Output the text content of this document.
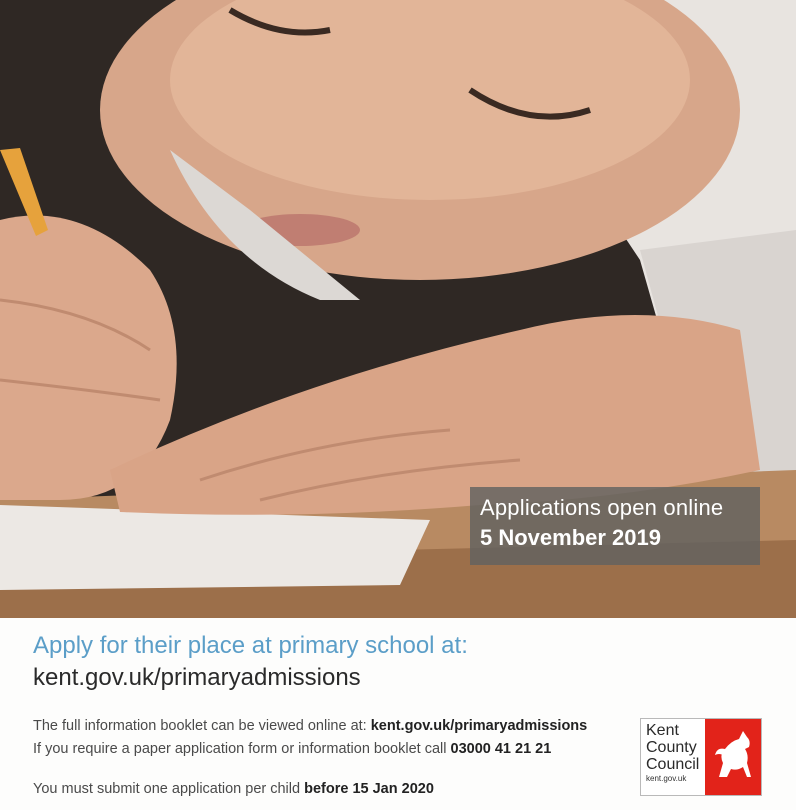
Applications open online
5 November 2019
Apply for their place at primary school at:
kent.gov.uk/primaryadmissions
The full information booklet can be viewed online at: kent.gov.uk/primaryadmissions
If you require a paper application form or information booklet call 03000 41 21 21
You must submit one application per child before 15 Jan 2020
Kent
County
Council
kent.gov.uk
